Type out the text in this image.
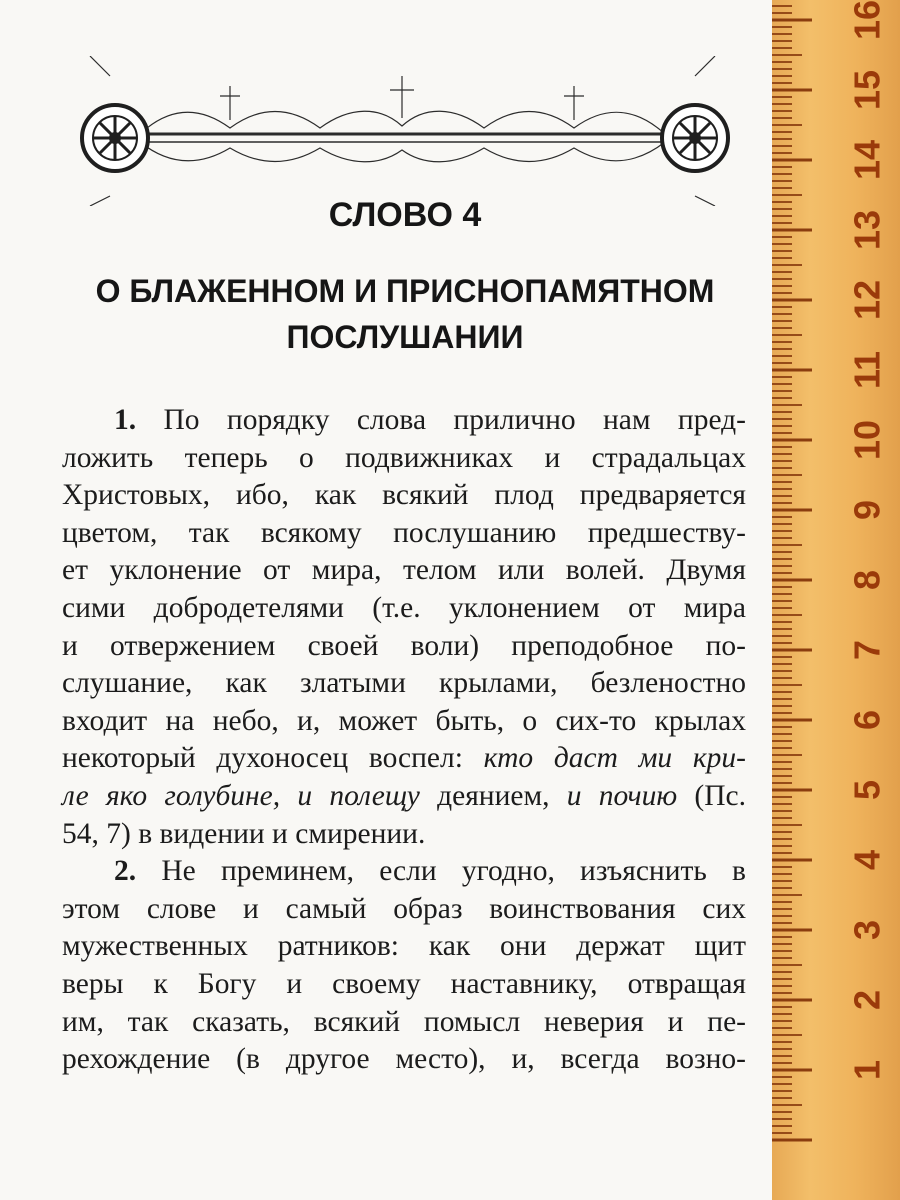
СЛОВО 4
О БЛАЖЕННОМ И ПРИСНОПАМЯТНОМ
ПОСЛУШАНИИ
1. По порядку слова прилично нам пред-
ложить теперь о подвижниках и страдальцах
Христовых, ибо, как всякий плод предваряется
цветом, так всякому послушанию предшеству-
ет уклонение от мира, телом или волей. Двумя
сими добродетелями (т.е. уклонением от мира
и отвержением своей воли) преподобное по-
слушание, как златыми крылами, безленостно
входит на небо, и, может быть, о сих-то крылах
некоторый духоносец воспел: кто даст ми кри-
ле яко голубине, и полещу деянием, и почию (Пс.
54, 7) в видении и смирении.
2. Не преминем, если угодно, изъяснить в
этом слове и самый образ воинствования сих
мужественных ратников: как они держат щит
веры к Богу и своему наставнику, отвращая
им, так сказать, всякий помысл неверия и пе-
рехождение (в другое место), и, всегда возно-	1
2
3
4
5
6
7
8
9
10
11
12
13
14
15
16
